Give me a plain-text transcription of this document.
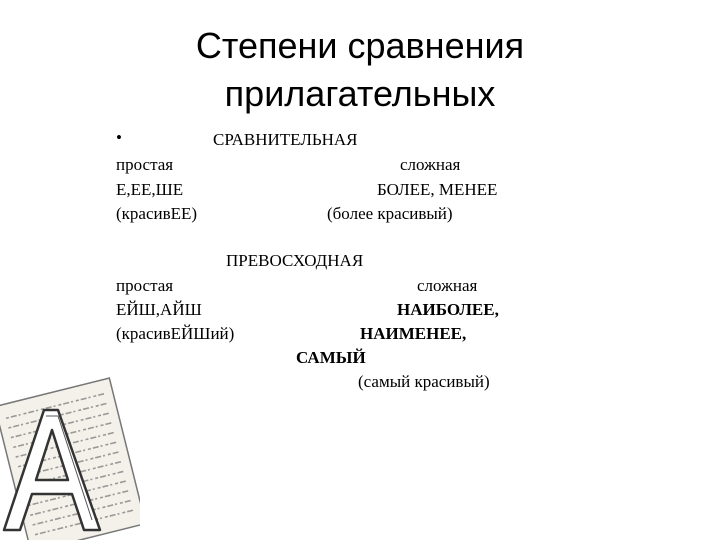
Степени сравнения
прилагательных
•	СРАВНИТЕЛЬНАЯ
простая
Е,ЕЕ,ШЕ
(красивЕЕ)
сложная
БОЛЕЕ, МЕНЕЕ
(более красивый)
ПРЕВОСХОДНАЯ
простая
ЕЙШ,АЙШ
(красивЕЙШий)
сложная
НАИБОЛЕЕ,
НАИМЕНЕЕ,
САМЫЙ
(самый красивый)
